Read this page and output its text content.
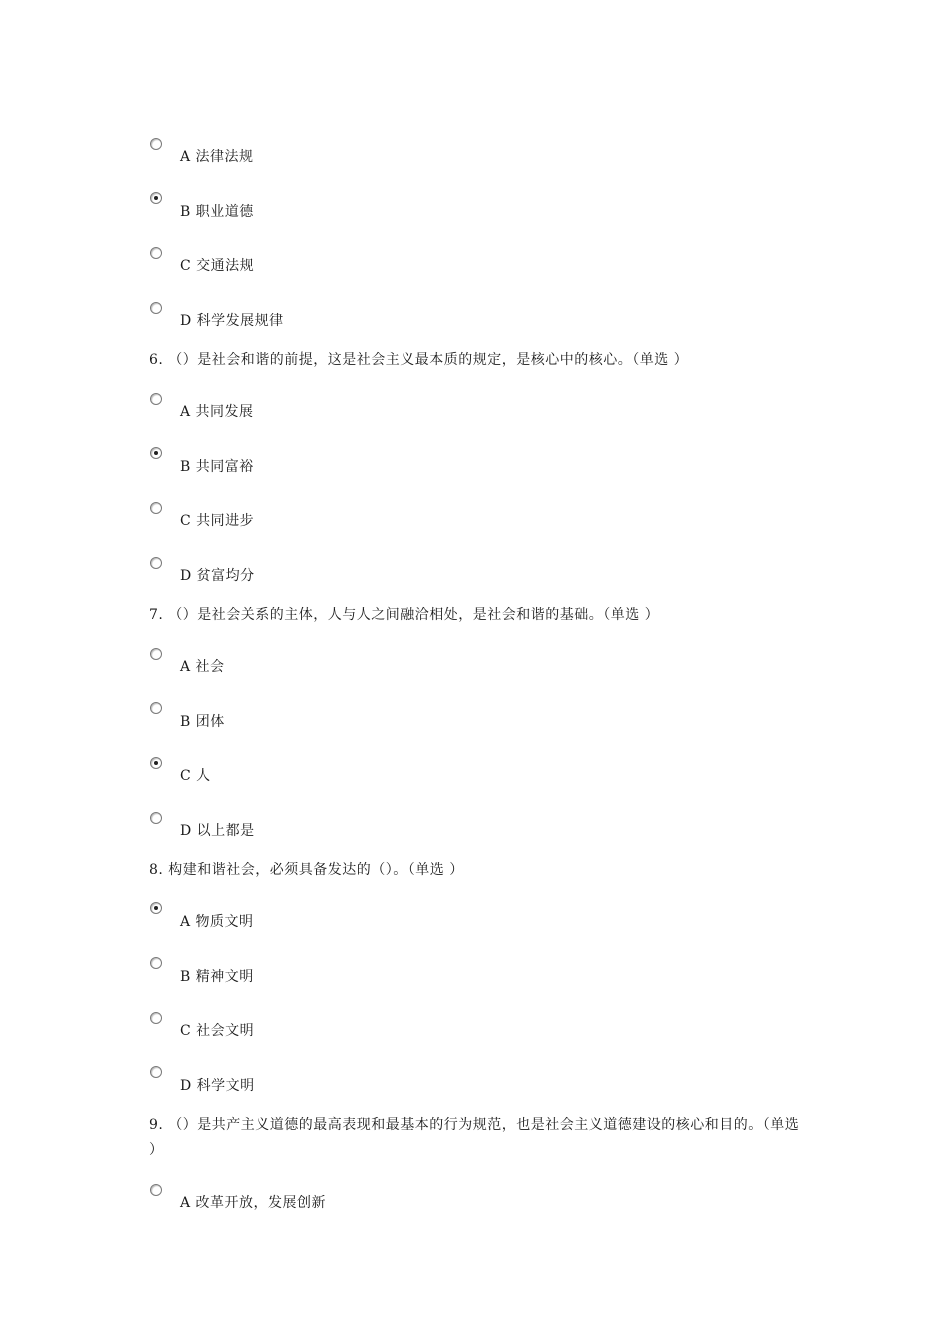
A 法律法规
B 职业道德
C 交通法规
D 科学发展规律
6. （）是社会和谐的前提，这是社会主义最本质的规定，是核心中的核心。（单选 ）
A 共同发展
B 共同富裕
C 共同进步
D 贫富均分
7. （）是社会关系的主体，人与人之间融洽相处，是社会和谐的基础。（单选 ）
A 社会
B 团体
C 人
D 以上都是
8. 构建和谐社会，必须具备发达的（）。（单选 ）
A 物质文明
B 精神文明
C 社会文明
D 科学文明
9. （）是共产主义道德的最高表现和最基本的行为规范，也是社会主义道德建设的核心和目的。（单选 ）
A 改革开放，发展创新
